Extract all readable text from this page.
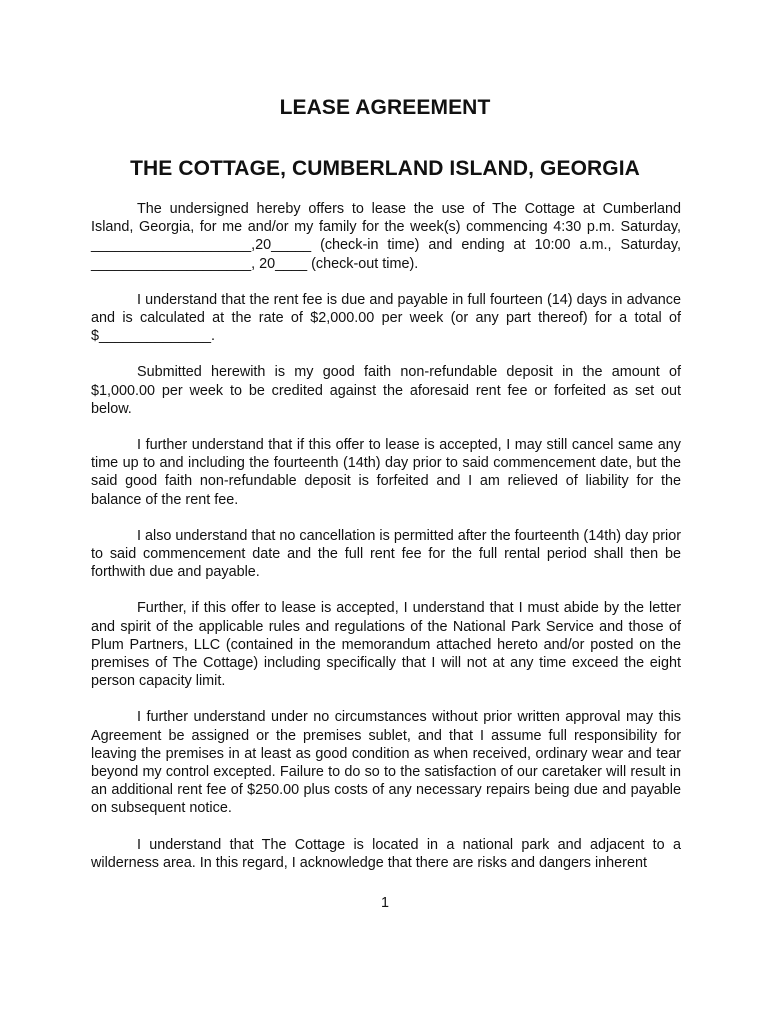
LEASE AGREEMENT
THE COTTAGE, CUMBERLAND ISLAND, GEORGIA

The undersigned hereby offers to lease the use of The Cottage at Cumberland Island, Georgia, for me and/or my family for the week(s) commencing 4:30 p.m. Saturday, ____________________,20_____ (check-in time) and ending at 10:00 a.m., Saturday, ____________________, 20____ (check-out time).

I understand that the rent fee is due and payable in full fourteen (14) days in advance and is calculated at the rate of $2,000.00 per week (or any part thereof) for a total of $______________.

Submitted herewith is my good faith non-refundable deposit in the amount of $1,000.00 per week to be credited against the aforesaid rent fee or forfeited as set out below.

I further understand that if this offer to lease is accepted, I may still cancel same any time up to and including the fourteenth (14th) day prior to said commencement date, but the said good faith non-refundable deposit is forfeited and I am relieved of liability for the balance of the rent fee.

I also understand that no cancellation is permitted after the fourteenth (14th) day prior to said commencement date and the full rent fee for the full rental period shall then be forthwith due and payable.

Further, if this offer to lease is accepted, I understand that I must abide by the letter and spirit of the applicable rules and regulations of the National Park Service and those of Plum Partners, LLC (contained in the memorandum attached hereto and/or posted on the premises of The Cottage) including specifically that I will not at any time exceed the eight person capacity limit.

I further understand under no circumstances without prior written approval may this Agreement be assigned or the premises sublet, and that I assume full responsibility for leaving the premises in at least as good condition as when received, ordinary wear and tear beyond my control excepted. Failure to do so to the satisfaction of our caretaker will result in an additional rent fee of $250.00 plus costs of any necessary repairs being due and payable on subsequent notice.

I understand that The Cottage is located in a national park and adjacent to a wilderness area. In this regard, I acknowledge that there are risks and dangers inherent

1
